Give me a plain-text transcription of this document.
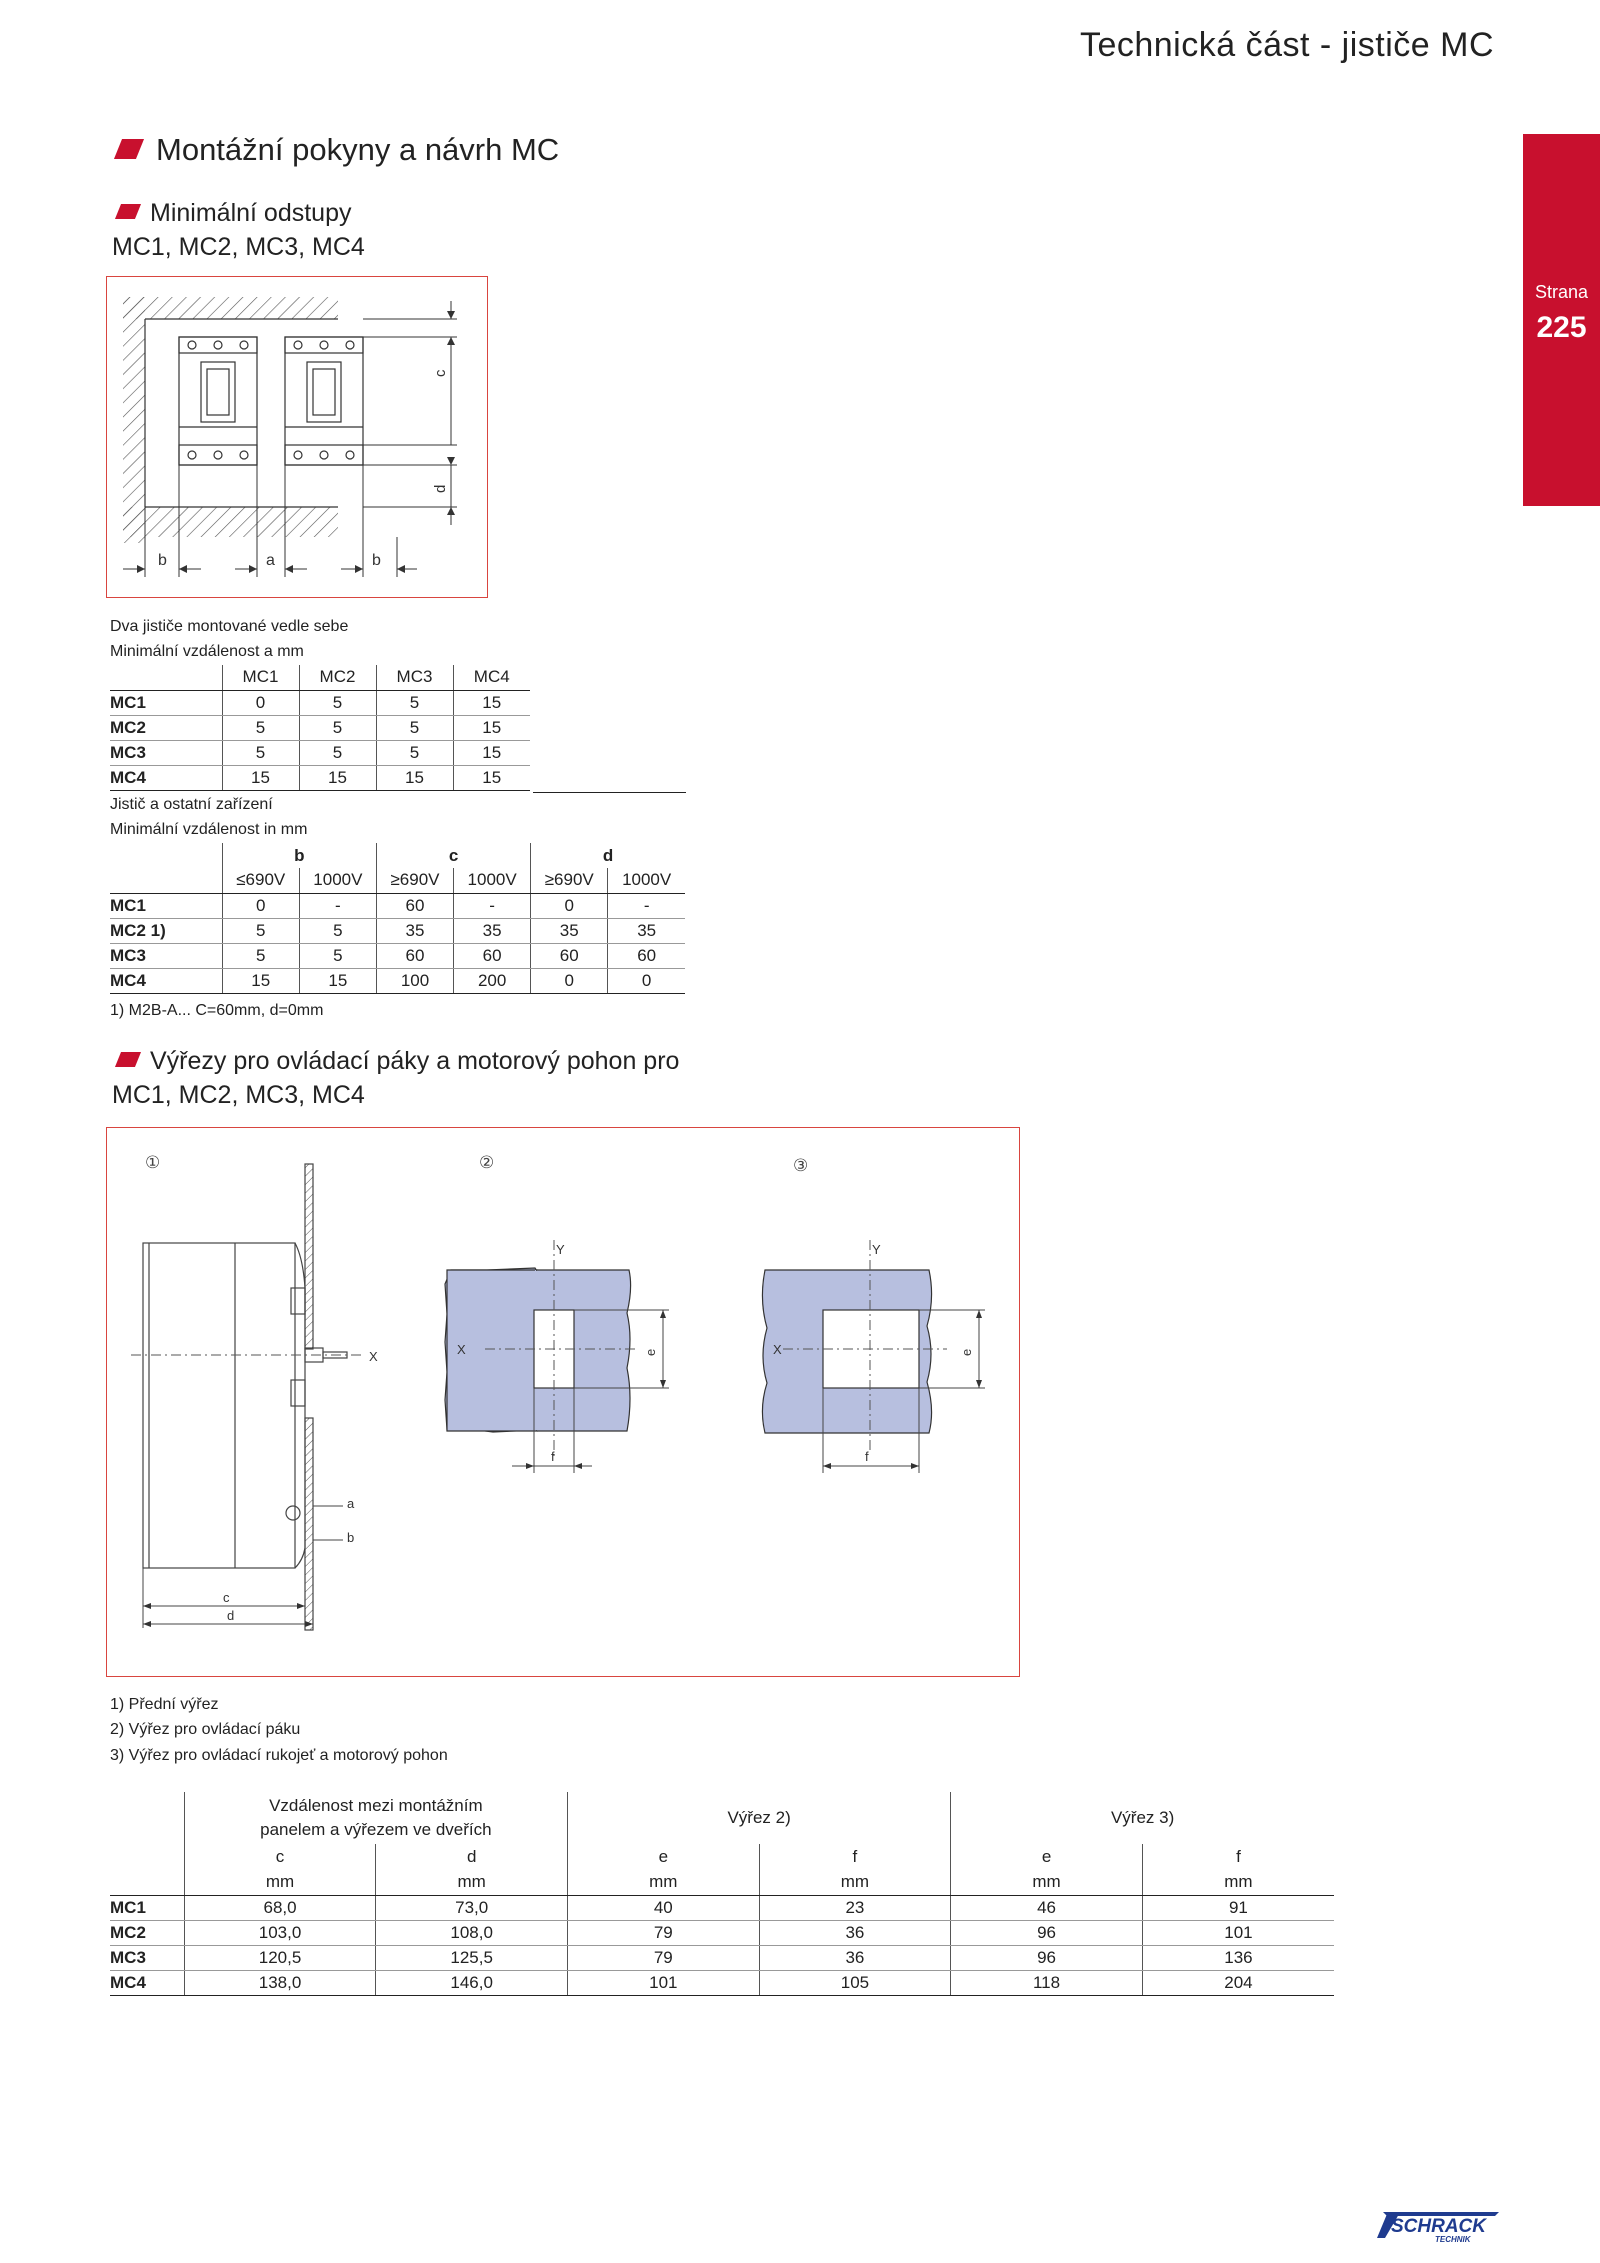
Technická část - jističe MC
Strana
225
Montážní pokyny a návrh MC
Minimální odstupy
MC1, MC2, MC3, MC4
c
d
b	a	b
Dva jističe montované vedle sebe
Minimální vzdálenost a mm
	MC1	MC2	MC3	MC4
MC1	0	5	5	15
MC2	5	5	5	15
MC3	5	5	5	15
MC4	15	15	15	15
Jistič a ostatní zařízení
Minimální vzdálenost in mm
	b		c		d	
	≤690V	1000V	≥690V	1000V	≥690V	1000V
MC1	0	-	60	-	0	-
MC2 1)	5	5	35	35	35	35
MC3	5	5	60	60	60	60
MC4	15	15	100	200	0	0
1) M2B-A... C=60mm, d=0mm
Výřezy pro ovládací páky a motorový pohon pro
MC1, MC2, MC3, MC4
①	②	③
X
a
b
c
d
Y
X	e
f
Y
X	e
f
1) Přední výřez
2) Výřez pro ovládací páku
3) Výřez pro ovládací rukojeť a motorový pohon

	Vzdálenost mezi montážním panelem a výřezem ve dveřích		Výřez 2)		Výřez 3)	
	c	d	e	f	e	f
	mm	mm	mm	mm	mm	mm
MC1	68,0	73,0	40	23	46	91
MC2	103,0	108,0	79	36	96	101
MC3	120,5	125,5	79	36	96	136
MC4	138,0	146,0	101	105	118	204
SCHRACK
TECHNIK
